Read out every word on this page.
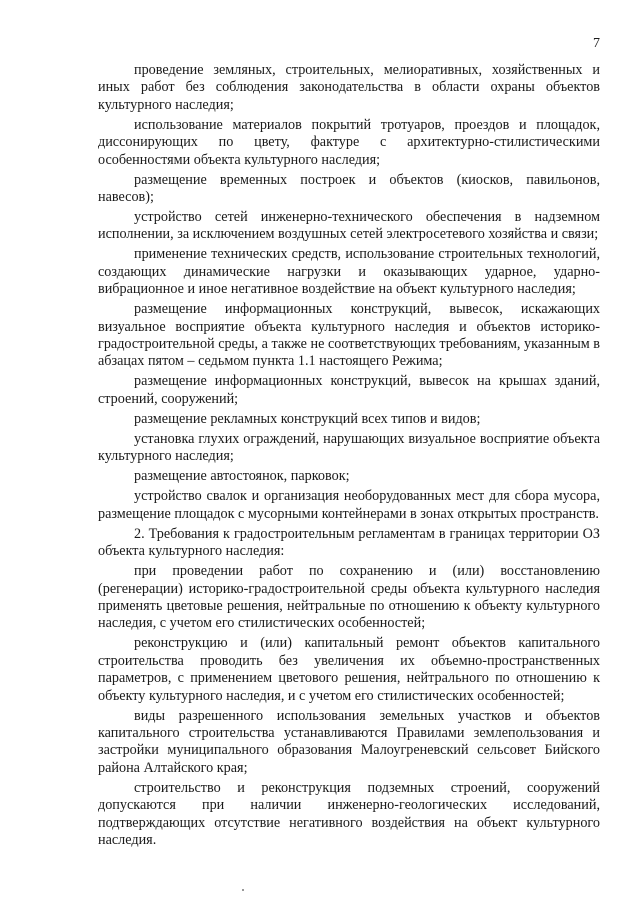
7

проведение земляных, строительных, мелиоративных, хозяйственных и иных работ без соблюдения законодательства в области охраны объектов культурного наследия;

использование материалов покрытий тротуаров, проездов и площадок, диссонирующих по цвету, фактуре с архитектурно-стилистическими особенностями объекта культурного наследия;

размещение временных построек и объектов (киосков, павильонов, навесов);

устройство сетей инженерно-технического обеспечения в надземном исполнении, за исключением воздушных сетей электросетевого хозяйства и связи;

применение технических средств, использование строительных технологий, создающих динамические нагрузки и оказывающих ударное, ударно-вибрационное и иное негативное воздействие на объект культурного наследия;

размещение информационных конструкций, вывесок, искажающих визуальное восприятие объекта культурного наследия и объектов историко-градостроительной среды, а также не соответствующих требованиям, указанным в абзацах пятом – седьмом пункта 1.1 настоящего Режима;

размещение информационных конструкций, вывесок на крышах зданий, строений, сооружений;

размещение рекламных конструкций всех типов и видов;

установка глухих ограждений, нарушающих визуальное восприятие объекта культурного наследия;

размещение автостоянок, парковок;

устройство свалок и организация необорудованных мест для сбора мусора, размещение площадок с мусорными контейнерами в зонах открытых пространств.

2. Требования к градостроительным регламентам в границах территории ОЗ объекта культурного наследия:

при проведении работ по сохранению и (или) восстановлению (регенерации) историко-градостроительной среды объекта культурного наследия применять цветовые решения, нейтральные по отношению к объекту культурного наследия, с учетом его стилистических особенностей;

реконструкцию и (или) капитальный ремонт объектов капитального строительства проводить без увеличения их объемно-пространственных параметров, с применением цветового решения, нейтрального по отношению к объекту культурного наследия, и с учетом его стилистических особенностей;

виды разрешенного использования земельных участков и объектов капитального строительства устанавливаются Правилами землепользования и застройки муниципального образования Малоугреневский сельсовет Бийского района Алтайского края;

строительство и реконструкция подземных строений, сооружений допускаются при наличии инженерно-геологических исследований, подтверждающих отсутствие негативного воздействия на объект культурного наследия.
